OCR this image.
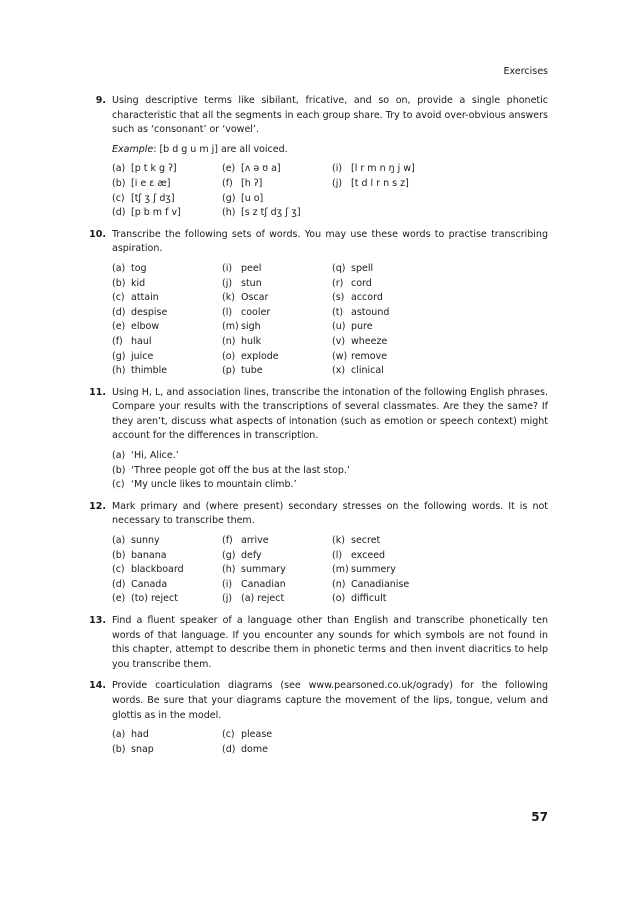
Exercises
9. Using descriptive terms like sibilant, fricative, and so on, provide a single phonetic characteristic that all the segments in each group share. Try to avoid over-obvious answers such as ‘consonant’ or ‘vowel’.
Example: [b d g u m j] are all voiced.
(a) [p t k g ʔ]
(b) [i e ɛ æ]
(c) [tʃ ʒ ʃ dʒ]
(d) [p b m f v]
(e) [ʌ ə ʊ a]
(f) [h ʔ]
(g) [u o]
(h) [s z tʃ dʒ ʃ ʒ]
(i) [l r m n ŋ j w]
(j) [t d l r n s z]
10. Transcribe the following sets of words. You may use these words to practise transcribing aspiration.
(a) tog
(b) kid
(c) attain
(d) despise
(e) elbow
(f) haul
(g) juice
(h) thimble
(i) peel
(j) stun
(k) Oscar
(l) cooler
(m) sigh
(n) hulk
(o) explode
(p) tube
(q) spell
(r) cord
(s) accord
(t) astound
(u) pure
(v) wheeze
(w) remove
(x) clinical
11. Using H, L, and association lines, transcribe the intonation of the following English phrases. Compare your results with the transcriptions of several classmates. Are they the same? If they aren’t, discuss what aspects of intonation (such as emotion or speech context) might account for the differences in transcription.
(a) ‘Hi, Alice.’
(b) ‘Three people got off the bus at the last stop.’
(c) ‘My uncle likes to mountain climb.’
12. Mark primary and (where present) secondary stresses on the following words. It is not necessary to transcribe them.
(a) sunny
(b) banana
(c) blackboard
(d) Canada
(e) (to) reject
(f) arrive
(g) defy
(h) summary
(i) Canadian
(j) (a) reject
(k) secret
(l) exceed
(m) summery
(n) Canadianise
(o) difficult
13. Find a fluent speaker of a language other than English and transcribe phonetically ten words of that language. If you encounter any sounds for which symbols are not found in this chapter, attempt to describe them in phonetic terms and then invent diacritics to help you transcribe them.
14. Provide coarticulation diagrams (see www.pearsoned.co.uk/ogrady) for the following words. Be sure that your diagrams capture the movement of the lips, tongue, velum and glottis as in the model.
(a) had
(b) snap
(c) please
(d) dome
57
